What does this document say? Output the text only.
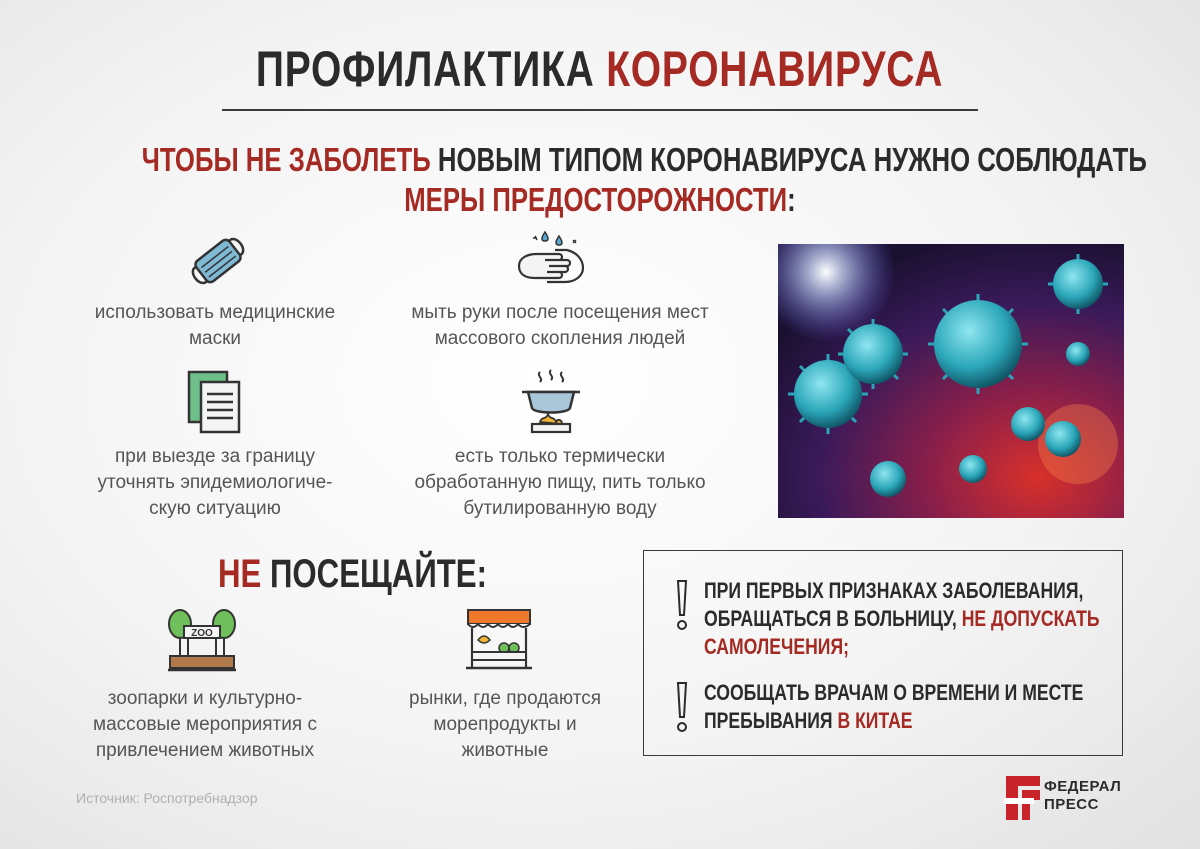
ПРОФИЛАКТИКА КОРОНАВИРУСА
ЧТОБЫ НЕ ЗАБОЛЕТЬ НОВЫМ ТИПОМ КОРОНАВИРУСА НУЖНО СОБЛЮДАТЬ
МЕРЫ ПРЕДОСТОРОЖНОСТИ:
использовать медицинские
маски
мыть руки после посещения мест
массового скопления людей
при выезде за границу
уточнять эпидемиологиче-
скую ситуацию
есть только термически
обработанную пищу, пить только
бутилированную воду
НЕ ПОСЕЩАЙТЕ:
ZOO
зоопарки и культурно-
массовые мероприятия с
привлечением животных
рынки, где продаются
морепродукты и
животные
ПРИ ПЕРВЫХ ПРИЗНАКАХ ЗАБОЛЕВАНИЯ,
ОБРАЩАТЬСЯ В БОЛЬНИЦУ, НЕ ДОПУСКАТЬ
САМОЛЕЧЕНИЯ;
СООБЩАТЬ ВРАЧАМ О ВРЕМЕНИ И МЕСТЕ
ПРЕБЫВАНИЯ В КИТАЕ
Источник: Роспотребнадзор
ФЕДЕРАЛ
ПРЕСС
